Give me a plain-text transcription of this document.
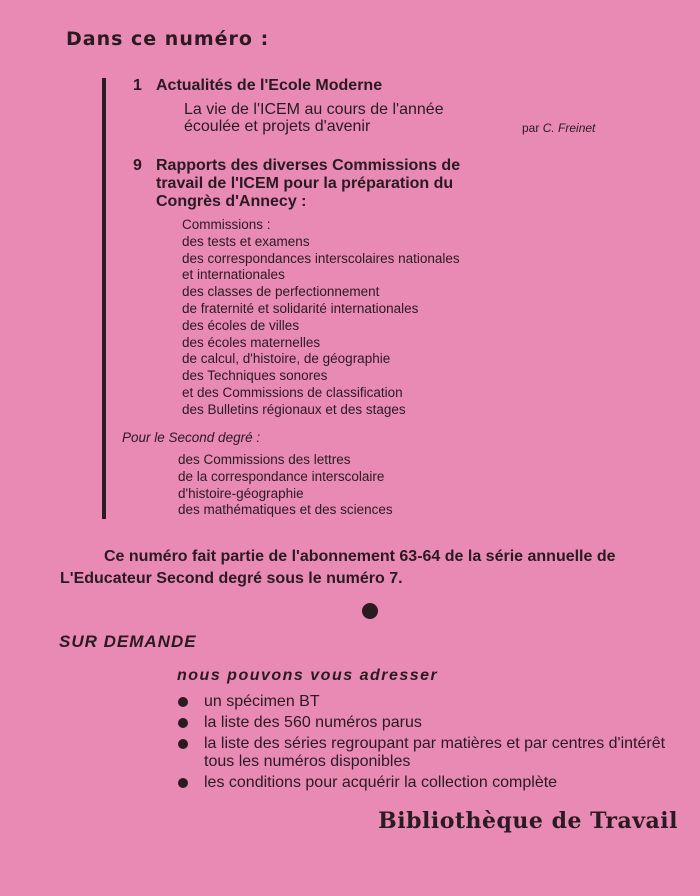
Dans ce numéro :
1 Actualités de l'Ecole Moderne
La vie de l'ICEM au cours de l'année
écoulée et projets d'avenir	par C. Freinet
9 Rapports des diverses Commissions de
travail de l'ICEM pour la préparation du
Congrès d'Annecy :
Commissions :
des tests et examens
des correspondances interscolaires nationales
et internationales
des classes de perfectionnement
de fraternité et solidarité internationales
des écoles de villes
des écoles maternelles
de calcul, d'histoire, de géographie
des Techniques sonores
et des Commissions de classification
des Bulletins régionaux et des stages
Pour le Second degré :
des Commissions des lettres
de la correspondance interscolaire
d'histoire-géographie
des mathématiques et des sciences
Ce numéro fait partie de l'abonnement 63-64 de la série annuelle de L'Educateur Second degré sous le numéro 7.
SUR DEMANDE
nous pouvons vous adresser
un spécimen BT
la liste des 560 numéros parus
la liste des séries regroupant par matières et par centres d'intérêt tous les numéros disponibles
les conditions pour acquérir la collection complète
Bibliothèque de Travail
